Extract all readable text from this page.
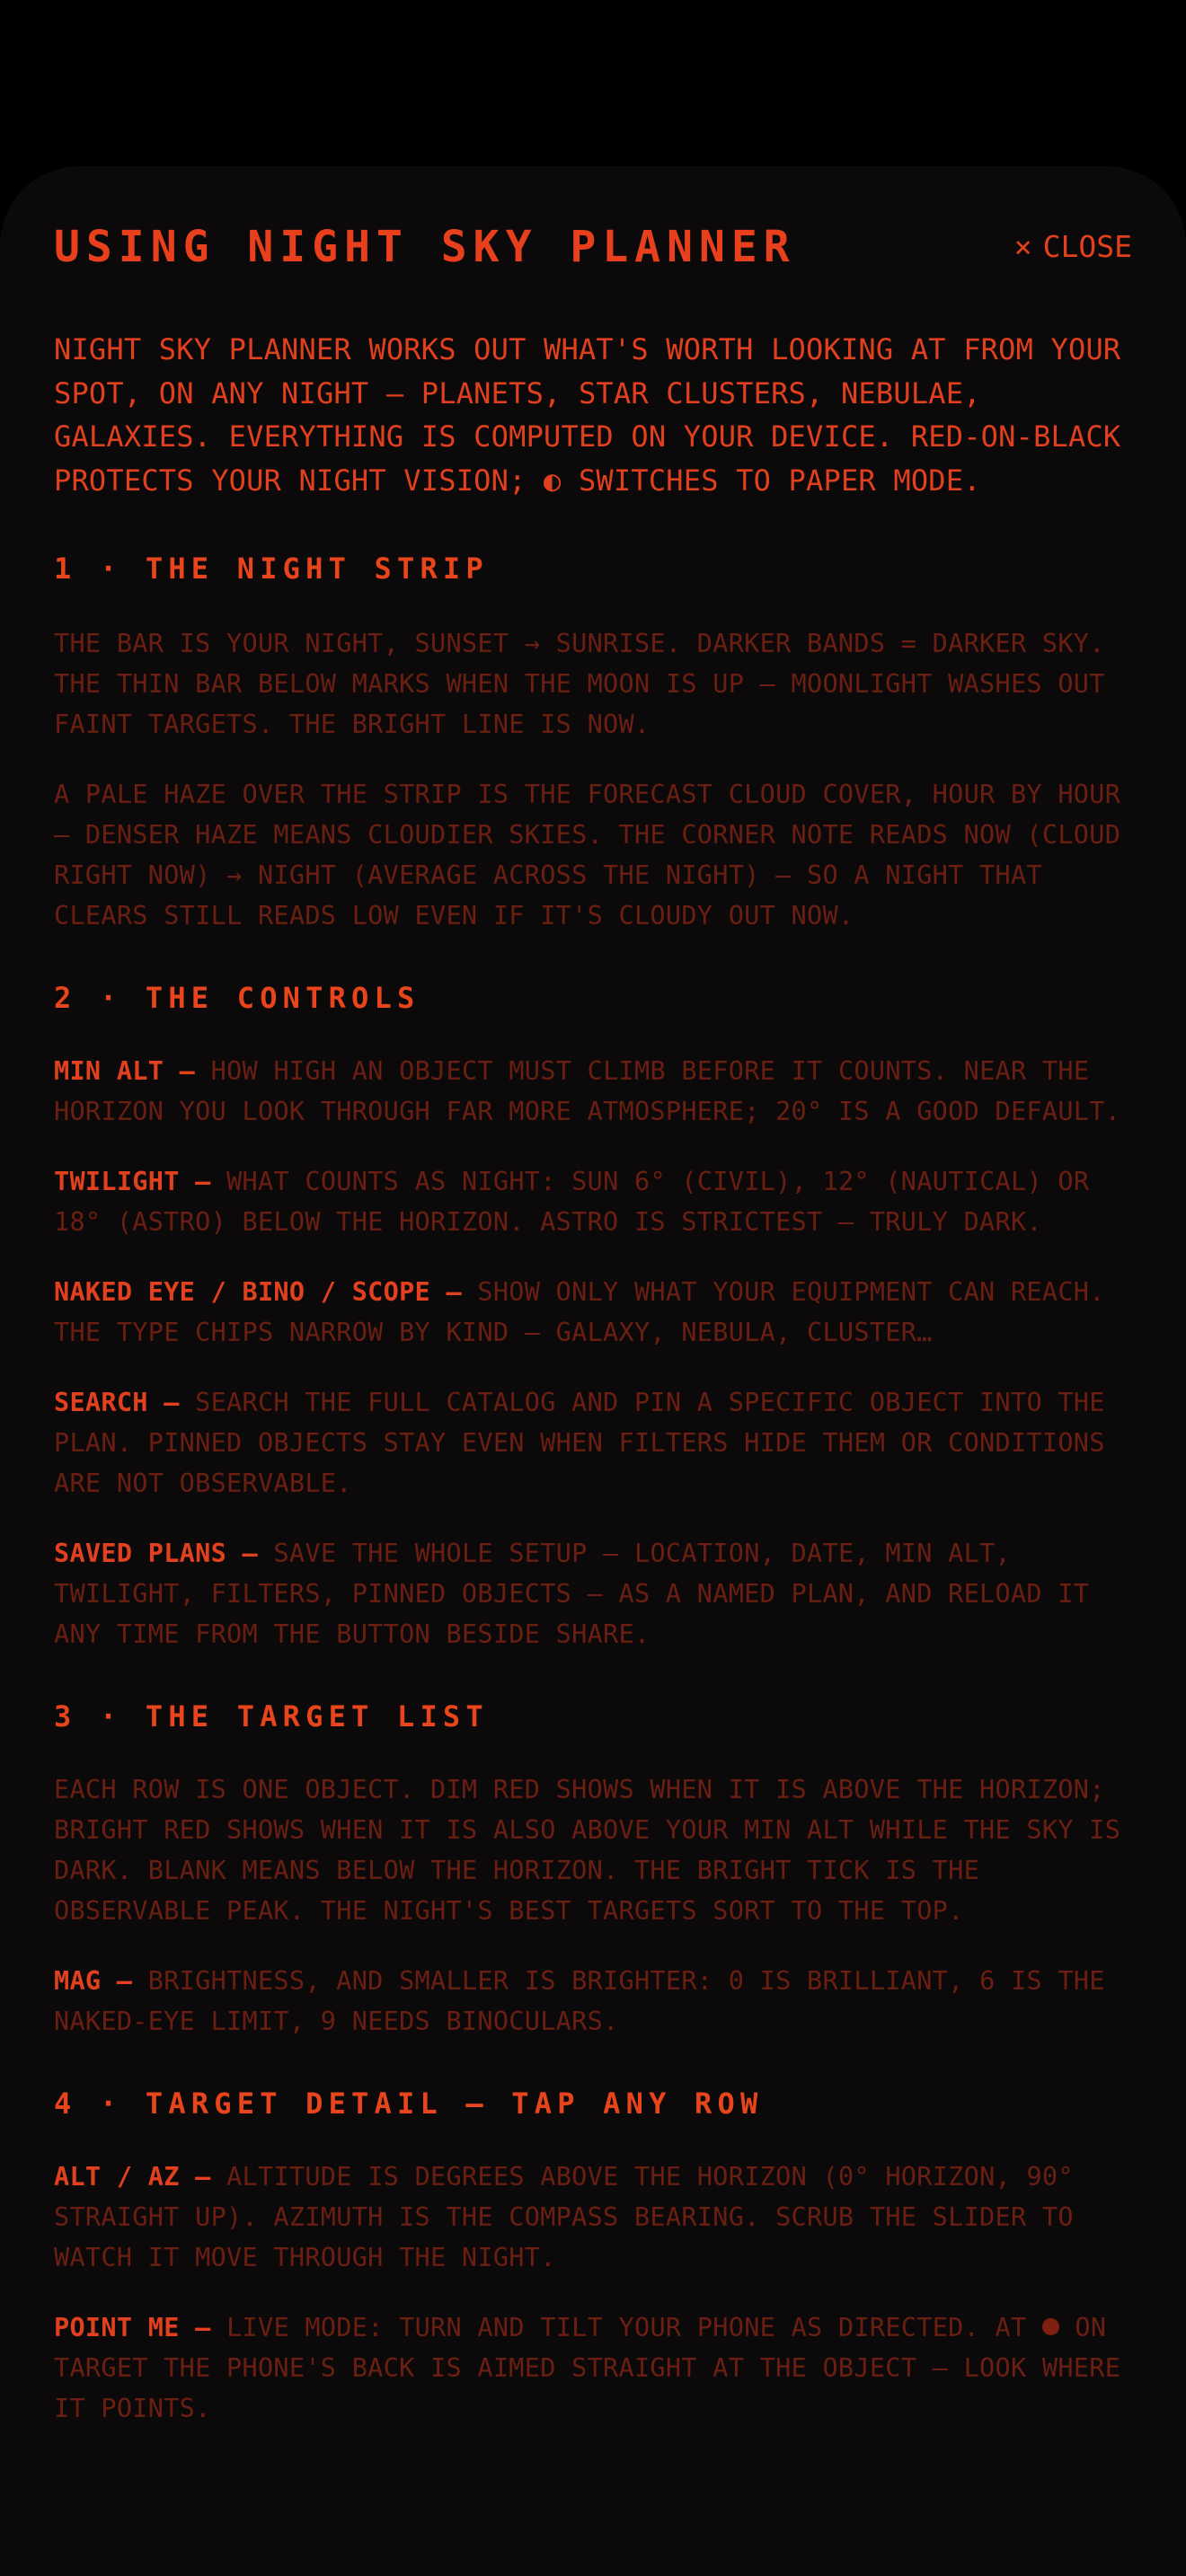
USING NIGHT SKY PLANNER	× CLOSE

NIGHT SKY PLANNER WORKS OUT WHAT'S WORTH LOOKING AT FROM YOUR SPOT, ON ANY NIGHT — PLANETS, STAR CLUSTERS, NEBULAE, GALAXIES. EVERYTHING IS COMPUTED ON YOUR DEVICE. RED-ON-BLACK PROTECTS YOUR NIGHT VISION; ◐ SWITCHES TO PAPER MODE.

1 · THE NIGHT STRIP

THE BAR IS YOUR NIGHT, SUNSET → SUNRISE. DARKER BANDS = DARKER SKY. THE THIN BAR BELOW MARKS WHEN THE MOON IS UP — MOONLIGHT WASHES OUT FAINT TARGETS. THE BRIGHT LINE IS NOW.

A PALE HAZE OVER THE STRIP IS THE FORECAST CLOUD COVER, HOUR BY HOUR — DENSER HAZE MEANS CLOUDIER SKIES. THE CORNER NOTE READS NOW (CLOUD RIGHT NOW) → NIGHT (AVERAGE ACROSS THE NIGHT) — SO A NIGHT THAT CLEARS STILL READS LOW EVEN IF IT'S CLOUDY OUT NOW.

2 · THE CONTROLS

MIN ALT — HOW HIGH AN OBJECT MUST CLIMB BEFORE IT COUNTS. NEAR THE HORIZON YOU LOOK THROUGH FAR MORE ATMOSPHERE; 20° IS A GOOD DEFAULT.

TWILIGHT — WHAT COUNTS AS NIGHT: SUN 6° (CIVIL), 12° (NAUTICAL) OR 18° (ASTRO) BELOW THE HORIZON. ASTRO IS STRICTEST — TRULY DARK.

NAKED EYE / BINO / SCOPE — SHOW ONLY WHAT YOUR EQUIPMENT CAN REACH. THE TYPE CHIPS NARROW BY KIND — GALAXY, NEBULA, CLUSTER…

SEARCH — SEARCH THE FULL CATALOG AND PIN A SPECIFIC OBJECT INTO THE PLAN. PINNED OBJECTS STAY EVEN WHEN FILTERS HIDE THEM OR CONDITIONS ARE NOT OBSERVABLE.

SAVED PLANS — SAVE THE WHOLE SETUP — LOCATION, DATE, MIN ALT, TWILIGHT, FILTERS, PINNED OBJECTS — AS A NAMED PLAN, AND RELOAD IT ANY TIME FROM THE BUTTON BESIDE SHARE.

3 · THE TARGET LIST

EACH ROW IS ONE OBJECT. DIM RED SHOWS WHEN IT IS ABOVE THE HORIZON; BRIGHT RED SHOWS WHEN IT IS ALSO ABOVE YOUR MIN ALT WHILE THE SKY IS DARK. BLANK MEANS BELOW THE HORIZON. THE BRIGHT TICK IS THE OBSERVABLE PEAK. THE NIGHT'S BEST TARGETS SORT TO THE TOP.

MAG — BRIGHTNESS, AND SMALLER IS BRIGHTER: 0 IS BRILLIANT, 6 IS THE NAKED-EYE LIMIT, 9 NEEDS BINOCULARS.

4 · TARGET DETAIL — TAP ANY ROW

ALT / AZ — ALTITUDE IS DEGREES ABOVE THE HORIZON (0° HORIZON, 90° STRAIGHT UP). AZIMUTH IS THE COMPASS BEARING. SCRUB THE SLIDER TO WATCH IT MOVE THROUGH THE NIGHT.

POINT ME — LIVE MODE: TURN AND TILT YOUR PHONE AS DIRECTED. AT ON TARGET THE PHONE'S BACK IS AIMED STRAIGHT AT THE OBJECT — LOOK WHERE IT POINTS.
